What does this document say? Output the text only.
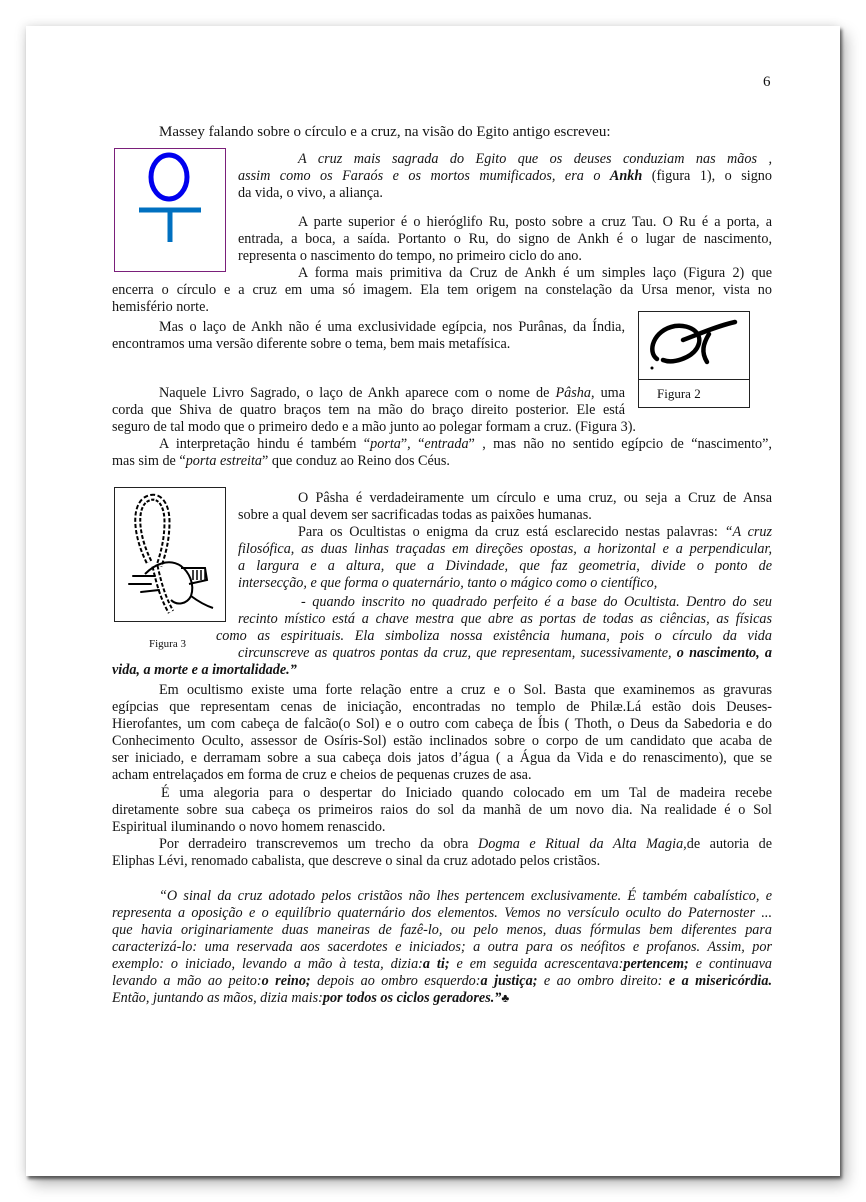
6
Massey falando sobre o círculo e a cruz, na visão do Egito antigo escreveu:
A cruz mais sagrada do Egito que os deuses conduziam nas mãos ,
assim como os Faraós e os mortos mumificados, era o Ankh (figura 1), o signo
da vida, o vivo, a aliança.
A parte superior é o hieróglifo Ru, posto sobre a cruz Tau. O Ru é a porta, a
entrada, a boca, a saída. Portanto o Ru, do signo de Ankh é o lugar de nascimento,
representa o nascimento do tempo, no primeiro ciclo do ano.
A forma mais primitiva da Cruz de Ankh é um simples laço (Figura 2) que
encerra o círculo e a cruz em uma só imagem. Ela tem origem na constelação da Ursa menor, vista no
hemisfério norte.
Figura 2
Mas o laço de Ankh não é uma exclusividade egípcia, nos Purânas, da Índia,
encontramos uma versão diferente sobre o tema, bem mais metafísica.
Naquele Livro Sagrado, o laço de Ankh aparece com o nome de Pâsha, uma
corda que Shiva de quatro braços tem na mão do braço direito posterior. Ele está
seguro de tal modo que o primeiro dedo e a mão junto ao polegar formam a cruz. (Figura 3).
A interpretação hindu é também “porta”, “entrada” , mas não no sentido egípcio de “nascimento”,
mas sim de “porta estreita” que conduz ao Reino dos Céus.
Figura 3
O Pâsha é verdadeiramente um círculo e uma cruz, ou seja a Cruz de Ansa
sobre a qual devem ser sacrificadas todas as paixões humanas.
Para os Ocultistas o enigma da cruz está esclarecido nestas palavras: “A cruz
filosófica, as duas linhas traçadas em direções opostas, a horizontal e a perpendicular,
a largura e a altura, que a Divindade, que faz geometria, divide o ponto de
intersecção, e que forma o quaternário, tanto o mágico como o científico,
- quando inscrito no quadrado perfeito é a base do Ocultista. Dentro do seu
recinto místico está a chave mestra que abre as portas de todas as ciências, as físicas
como as espirituais. Ela simboliza nossa existência humana, pois o círculo da vida
circunscreve as quatros pontas da cruz, que representam, sucessivamente, o nascimento, a
vida, a morte e a imortalidade.”
Em ocultismo existe uma forte relação entre a cruz e o Sol. Basta que examinemos as gravuras
egípcias que representam cenas de iniciação, encontradas no templo de Philæ.Lá estão dois Deuses-
Hierofantes, um com cabeça de falcão(o Sol) e o outro com cabeça de Íbis ( Thoth, o Deus da Sabedoria e do
Conhecimento Oculto, assessor de Osíris-Sol) estão inclinados sobre o corpo de um candidato que acaba de
ser iniciado, e derramam sobre a sua cabeça dois jatos d’água ( a Água da Vida e do renascimento), que se
acham entrelaçados em forma de cruz e cheios de pequenas cruzes de asa.
É uma alegoria para o despertar do Iniciado quando colocado em um Tal de madeira recebe
diretamente sobre sua cabeça os primeiros raios do sol da manhã de um novo dia. Na realidade é o Sol
Espiritual iluminando o novo homem renascido.
Por derradeiro transcrevemos um trecho da obra Dogma e Ritual da Alta Magia,de autoria de
Eliphas Lévi, renomado cabalista, que descreve o sinal da cruz adotado pelos cristãos.
“O sinal da cruz adotado pelos cristãos não lhes pertencem exclusivamente. É também cabalístico, e
representa a oposição e o equilíbrio quaternário dos elementos. Vemos no versículo oculto do Paternoster ...
que havia originariamente duas maneiras de fazê-lo, ou pelo menos, duas fórmulas bem diferentes para
caracterizá-lo: uma reservada aos sacerdotes e iniciados; a outra para os neófitos e profanos. Assim, por
exemplo: o iniciado, levando a mão à testa, dizia:a ti; e em seguida acrescentava:pertencem; e continuava
levando a mão ao peito:o reino; depois ao ombro esquerdo:a justiça; e ao ombro direito: e a misericórdia.
Então, juntando as mãos, dizia mais:por todos os ciclos geradores.”♣
